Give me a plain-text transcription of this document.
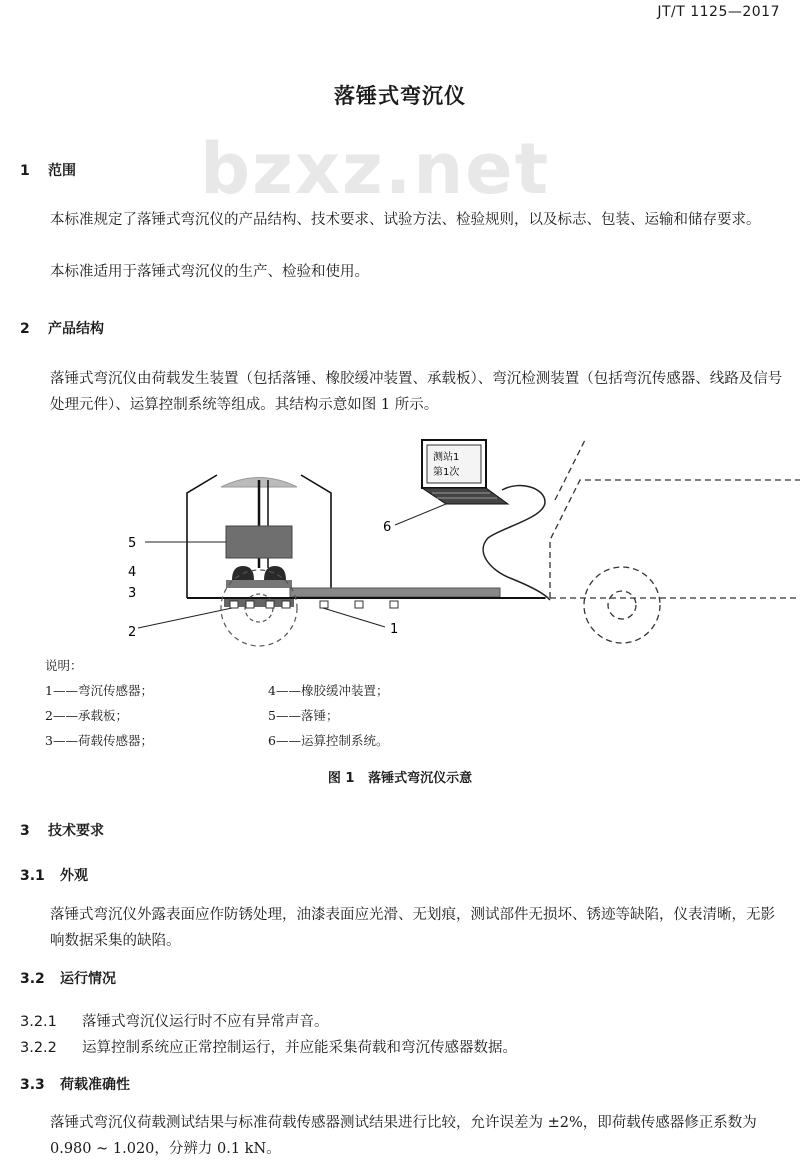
JT/T 1125—2017
bzxz.net
落锤式弯沉仪
1 范围
本标准规定了落锤式弯沉仪的产品结构、技术要求、试验方法、检验规则，以及标志、包装、运输和储存要求。
本标准适用于落锤式弯沉仪的生产、检验和使用。
2 产品结构
落锤式弯沉仪由荷载发生装置（包括落锤、橡胶缓冲装置、承载板）、弯沉检测装置（包括弯沉传感器、线路及信号处理元件）、运算控制系统等组成。其结构示意如图 1 所示。
测站1
第1次
5
4
3
2	1
6
说明：
1——弯沉传感器；	4——橡胶缓冲装置；
2——承载板；	5——落锤；
3——荷载传感器；	6——运算控制系统。
图 1 落锤式弯沉仪示意
3 技术要求
3.1 外观
落锤式弯沉仪外露表面应作防锈处理，油漆表面应光滑、无划痕，测试部件无损坏、锈迹等缺陷，仪表清晰，无影响数据采集的缺陷。
3.2 运行情况
3.2.1 落锤式弯沉仪运行时不应有异常声音。
3.2.2 运算控制系统应正常控制运行，并应能采集荷载和弯沉传感器数据。
3.3 荷载准确性
落锤式弯沉仪荷载测试结果与标准荷载传感器测试结果进行比较，允许误差为 ±2%，即荷载传感器修正系数为 0.980 ~ 1.020，分辨力 0.1 kN。
